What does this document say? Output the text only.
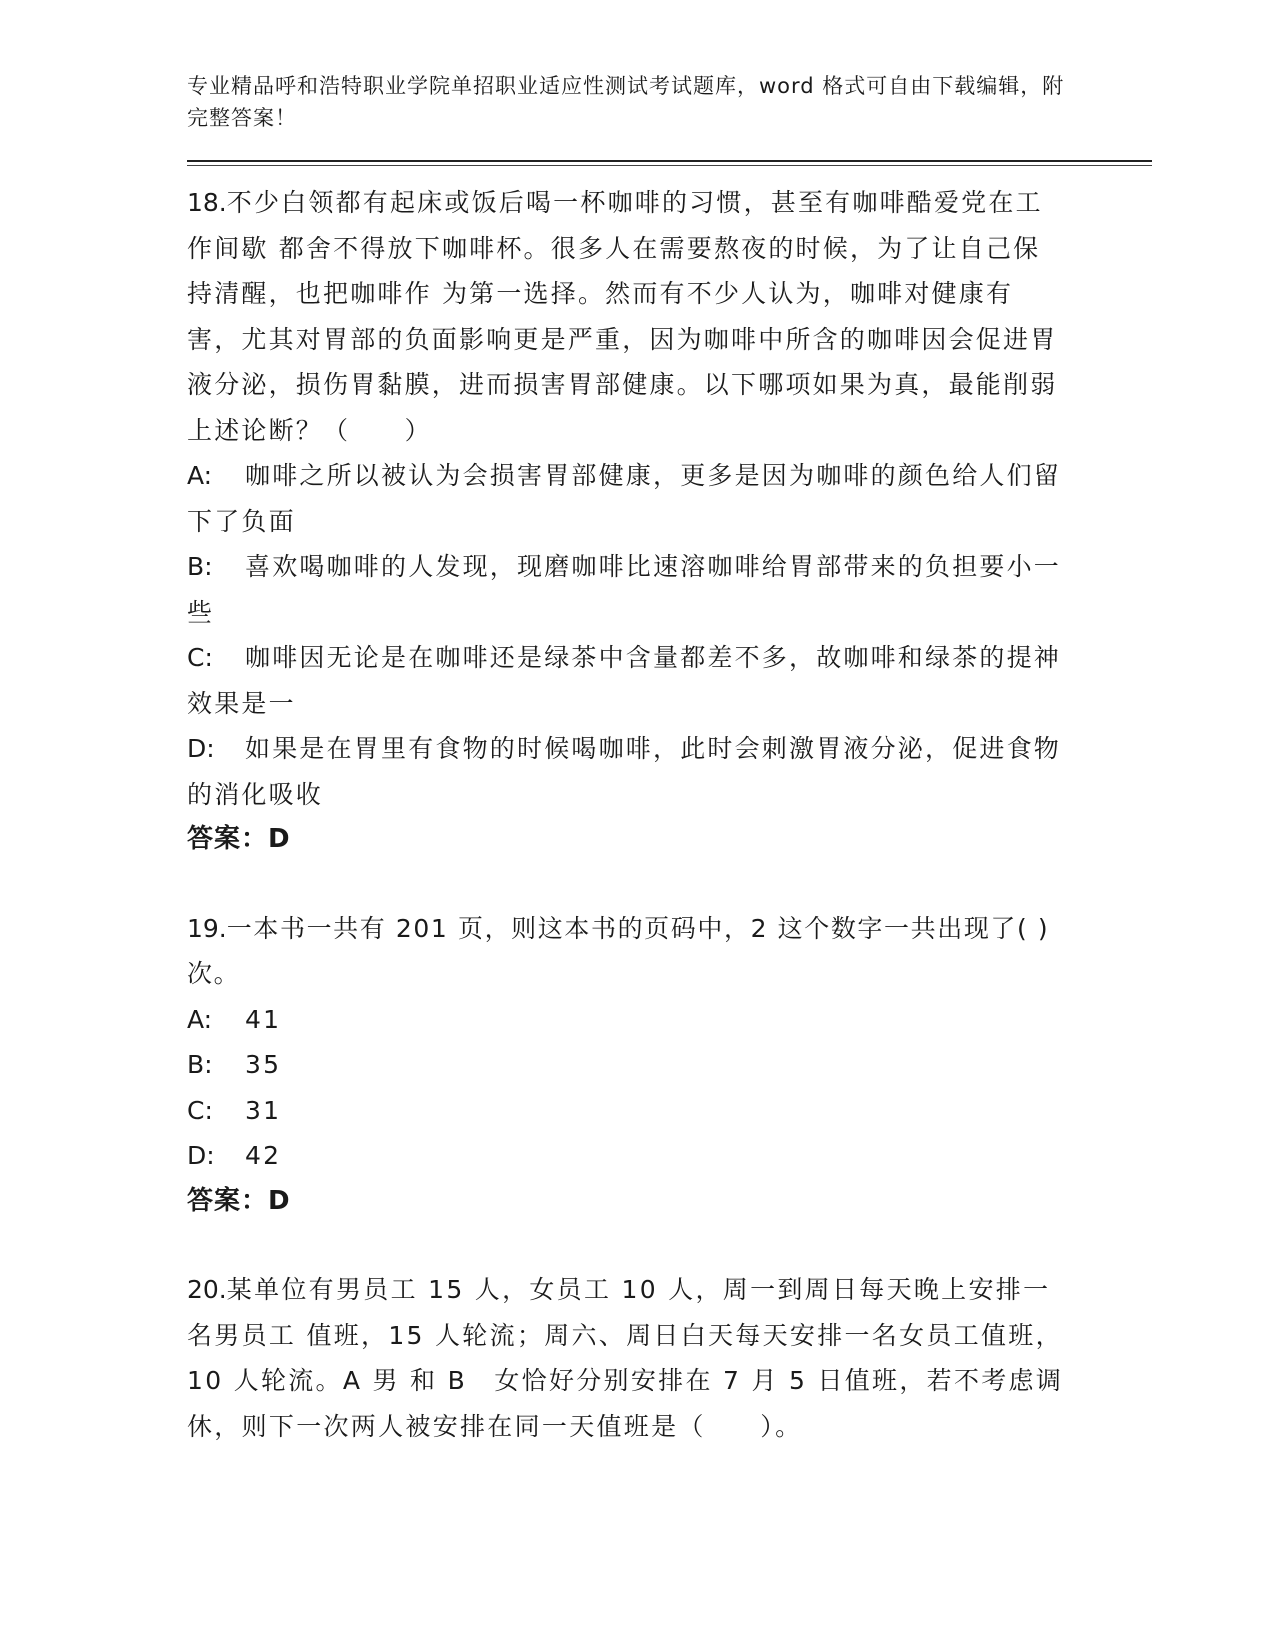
专业精品呼和浩特职业学院单招职业适应性测试考试题库，word 格式可自由下载编辑，附完整答案！
18.不少白领都有起床或饭后喝一杯咖啡的习惯，甚至有咖啡酷爱党在工作间歇 都舍不得放下咖啡杯。很多人在需要熬夜的时候，为了让自己保持清醒，也把咖啡作 为第一选择。然而有不少人认为，咖啡对健康有害，尤其对胃部的负面影响更是严重，因为咖啡中所含的咖啡因会促进胃液分泌，损伤胃黏膜，进而损害胃部健康。以下哪项如果为真，最能削弱上述论断？（　　）
A: 咖啡之所以被认为会损害胃部健康，更多是因为咖啡的颜色给人们留下了负面
B: 喜欢喝咖啡的人发现，现磨咖啡比速溶咖啡给胃部带来的负担要小一些
C: 咖啡因无论是在咖啡还是绿茶中含量都差不多，故咖啡和绿茶的提神效果是一
D: 如果是在胃里有食物的时候喝咖啡，此时会刺激胃液分泌，促进食物的消化吸收
答案：D
19.一本书一共有 201 页，则这本书的页码中，2 这个数字一共出现了( )次。
A: 41
B: 35
C: 31
D: 42
答案：D
20.某单位有男员工 15 人，女员工 10 人，周一到周日每天晚上安排一名男员工 值班，15 人轮流；周六、周日白天每天安排一名女员工值班，10 人轮流。A 男 和 B　女恰好分别安排在 7 月 5 日值班，若不考虑调休，则下一次两人被安排在同一天值班是（　　）。
